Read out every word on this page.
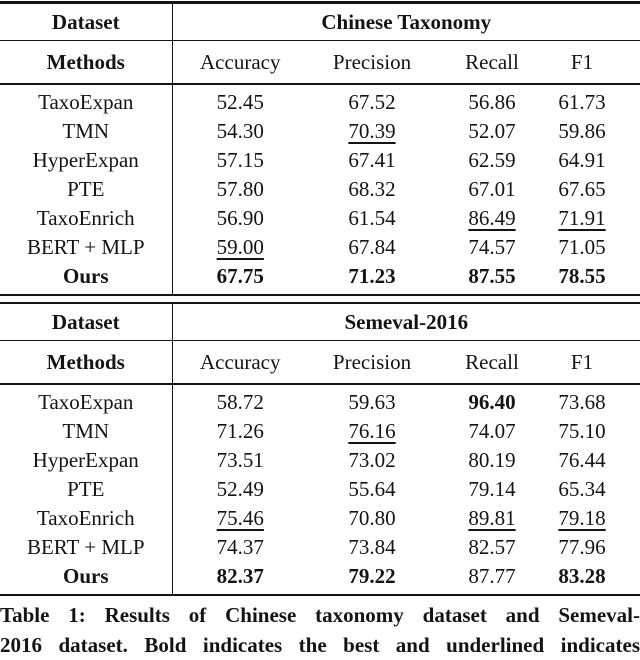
Dataset	Chinese Taxonomy			
Methods	Accuracy	Precision	Recall	F1
TaxoExpan	52.45	67.52	56.86	61.73
TMN	54.30	70.39	52.07	59.86
HyperExpan	57.15	67.41	62.59	64.91
PTE	57.80	68.32	67.01	67.65
TaxoEnrich	56.90	61.54	86.49	71.91
BERT + MLP	59.00	67.84	74.57	71.05
Ours	67.75	71.23	87.55	78.55
Dataset	Semeval-2016			
Methods	Accuracy	Precision	Recall	F1
TaxoExpan	58.72	59.63	96.40	73.68
TMN	71.26	76.16	74.07	75.10
HyperExpan	73.51	73.02	80.19	76.44
PTE	52.49	55.64	79.14	65.34
TaxoEnrich	75.46	70.80	89.81	79.18
BERT + MLP	74.37	73.84	82.57	77.96
Ours	82.37	79.22	87.77	83.28
Table 1: Results of Chinese taxonomy dataset and Semeval-
2016 dataset. Bold indicates the best and underlined indicates
